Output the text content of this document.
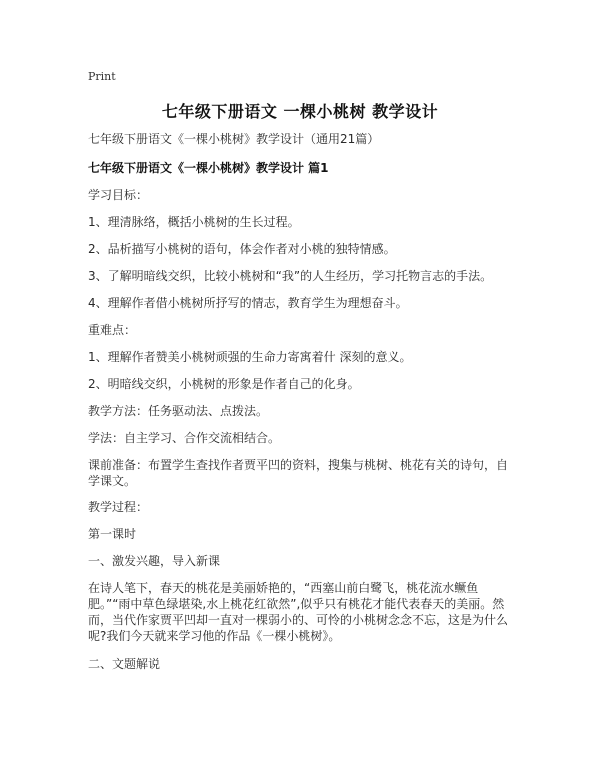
Print
七年级下册语文 一棵小桃树 教学设计
七年级下册语文《一棵小桃树》教学设计（通用21篇）
七年级下册语文《一棵小桃树》教学设计 篇1
学习目标：
1、理清脉络，概括小桃树的生长过程。
2、品析描写小桃树的语句，体会作者对小桃的独特情感。
3、了解明暗线交织，比较小桃树和“我”的人生经历，学习托物言志的手法。
4、理解作者借小桃树所抒写的情志，教育学生为理想奋斗。
重难点：
1、理解作者赞美小桃树顽强的生命力寄寓着什 深刻的意义。
2、明暗线交织，小桃树的形象是作者自己的化身。
教学方法：任务驱动法、点拨法。
学法：自主学习、合作交流相结合。
课前准备：布置学生查找作者贾平凹的资料，搜集与桃树、桃花有关的诗句，自学课文。
教学过程：
第一课时
一、激发兴趣，导入新课
在诗人笔下，春天的桃花是美丽娇艳的，“西塞山前白鹭飞，桃花流水鳜鱼肥。”“雨中草色绿堪染,水上桃花红欲然”,似乎只有桃花才能代表春天的美丽。然而，当代作家贾平凹却一直对一棵弱小的、可怜的小桃树念念不忘，这是为什么呢?我们今天就来学习他的作品《一棵小桃树》。
二、文题解说
